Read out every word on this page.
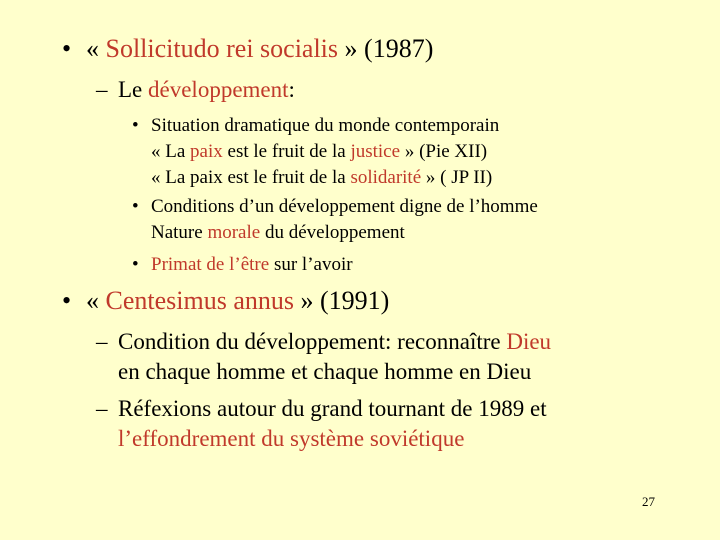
• « Sollicitudo rei socialis » (1987)
– Le développement:
• Situation dramatique du monde contemporain
« La paix est le fruit de la justice » (Pie XII)
« La paix est le fruit de la solidarité » ( JP II)
• Conditions d’un développement digne de l’homme
Nature morale du développement
• Primat de l’être sur l’avoir
• « Centesimus annus » (1991)
– Condition du développement: reconnaître Dieu
en chaque homme et chaque homme en Dieu
– Réfexions autour du grand tournant de 1989 et
l’effondrement du système soviétique
27
